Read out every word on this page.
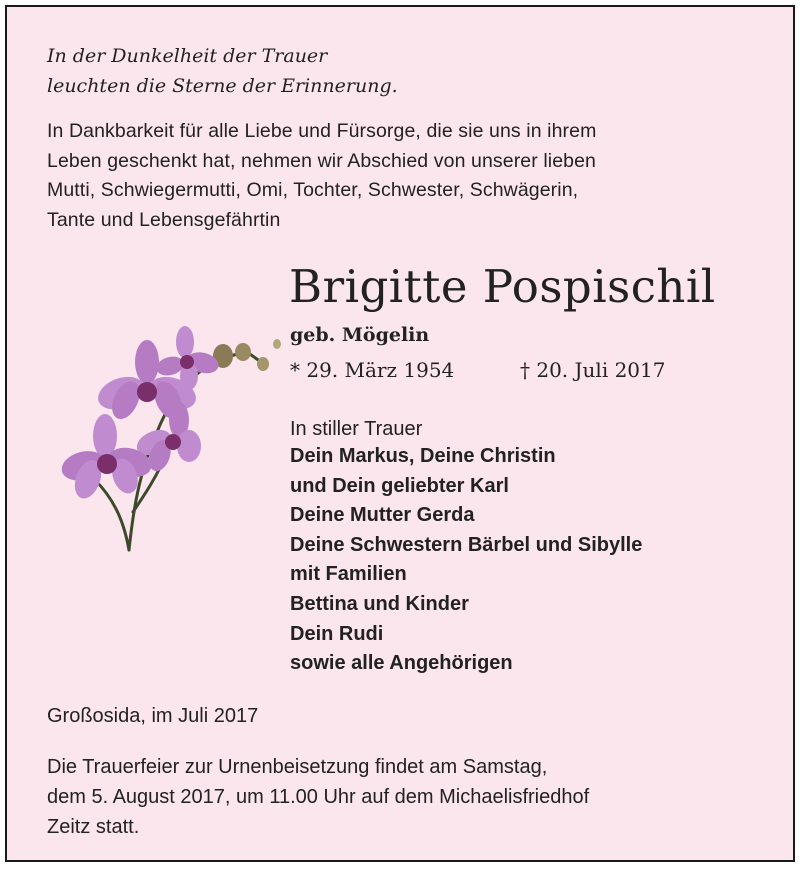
In der Dunkelheit der Trauer
leuchten die Sterne der Erinnerung.
In Dankbarkeit für alle Liebe und Fürsorge, die sie uns in ihrem
Leben geschenkt hat, nehmen wir Abschied von unserer lieben
Mutti, Schwiegermutti, Omi, Tochter, Schwester, Schwägerin,
Tante und Lebensgefährtin
Brigitte Pospischil
geb. Mögelin
* 29. März 1954	† 20. Juli 2017
In stiller Trauer
Dein Markus, Deine Christin
und Dein geliebter Karl
Deine Mutter Gerda
Deine Schwestern Bärbel und Sibylle
mit Familien
Bettina und Kinder
Dein Rudi
sowie alle Angehörigen
Großosida, im Juli 2017
Die Trauerfeier zur Urnenbeisetzung findet am Samstag,
dem 5. August 2017, um 11.00 Uhr auf dem Michaelisfriedhof
Zeitz statt.
